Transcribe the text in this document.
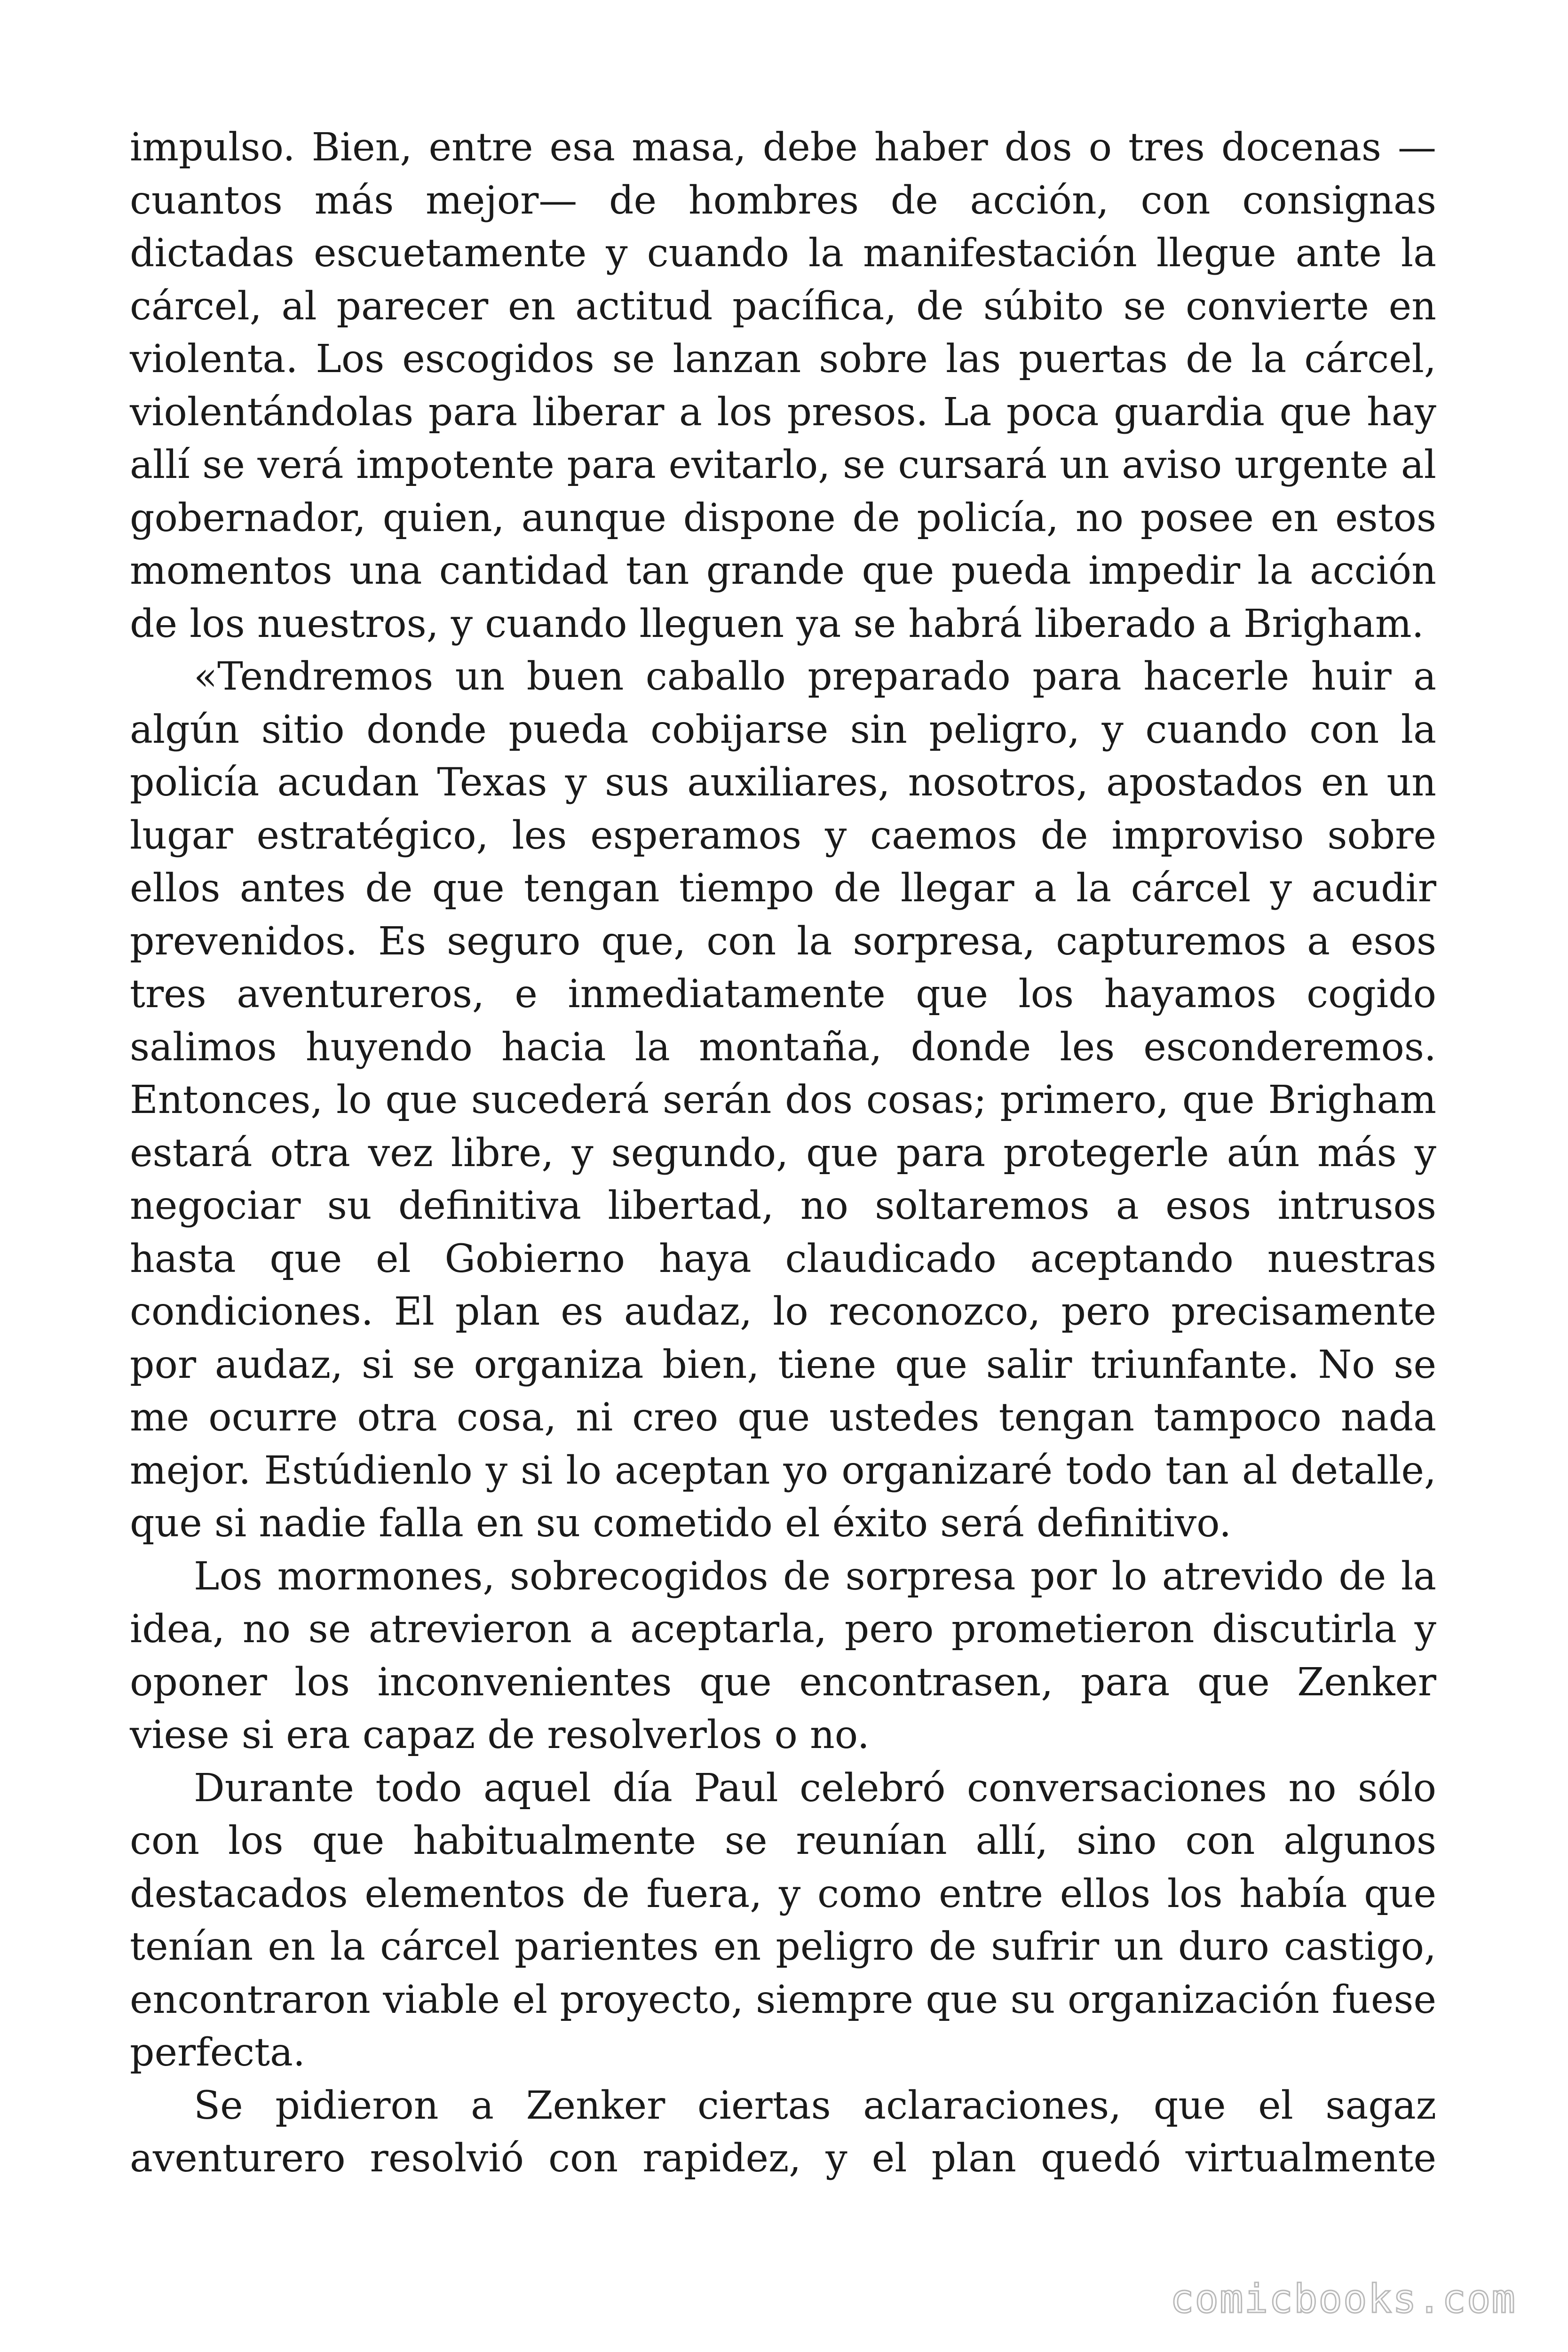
impulso. Bien, entre esa masa, debe haber dos o tres docenas —cuantos más mejor— de hombres de acción, con consignas dictadas escuetamente y cuando la manifestación llegue ante la cárcel, al parecer en actitud pacífica, de súbito se convierte en violenta. Los escogidos se lanzan sobre las puertas de la cárcel, violentándolas para liberar a los presos. La poca guardia que hay allí se verá impotente para evitarlo, se cursará un aviso urgente al gobernador, quien, aunque dispone de policía, no posee en estos momentos una cantidad tan grande que pueda impedir la acción de los nuestros, y cuando lleguen ya se habrá liberado a Brigham.

«Tendremos un buen caballo preparado para hacerle huir a algún sitio donde pueda cobijarse sin peligro, y cuando con la policía acudan Texas y sus auxiliares, nosotros, apostados en un lugar estratégico, les esperamos y caemos de improviso sobre ellos antes de que tengan tiempo de llegar a la cárcel y acudir prevenidos. Es seguro que, con la sorpresa, capturemos a esos tres aventureros, e inmediatamente que los hayamos cogido salimos huyendo hacia la montaña, donde les esconderemos. Entonces, lo que sucederá serán dos cosas; primero, que Brigham estará otra vez libre, y segundo, que para protegerle aún más y negociar su definitiva libertad, no soltaremos a esos intrusos hasta que el Gobierno haya claudicado aceptando nuestras condiciones. El plan es audaz, lo reconozco, pero precisamente por audaz, si se organiza bien, tiene que salir triunfante. No se me ocurre otra cosa, ni creo que ustedes tengan tampoco nada mejor. Estúdienlo y si lo aceptan yo organizaré todo tan al detalle, que si nadie falla en su cometido el éxito será definitivo.

Los mormones, sobrecogidos de sorpresa por lo atrevido de la idea, no se atrevieron a aceptarla, pero prometieron discutirla y oponer los inconvenientes que encontrasen, para que Zenker viese si era capaz de resolverlos o no.

Durante todo aquel día Paul celebró conversaciones no sólo con los que habitualmente se reunían allí, sino con algunos destacados elementos de fuera, y como entre ellos los había que tenían en la cárcel parientes en peligro de sufrir un duro castigo, encontraron viable el proyecto, siempre que su organización fuese perfecta.

Se pidieron a Zenker ciertas aclaraciones, que el sagaz aventurero resolvió con rapidez, y el plan quedó virtualmente

comicbooks.com
